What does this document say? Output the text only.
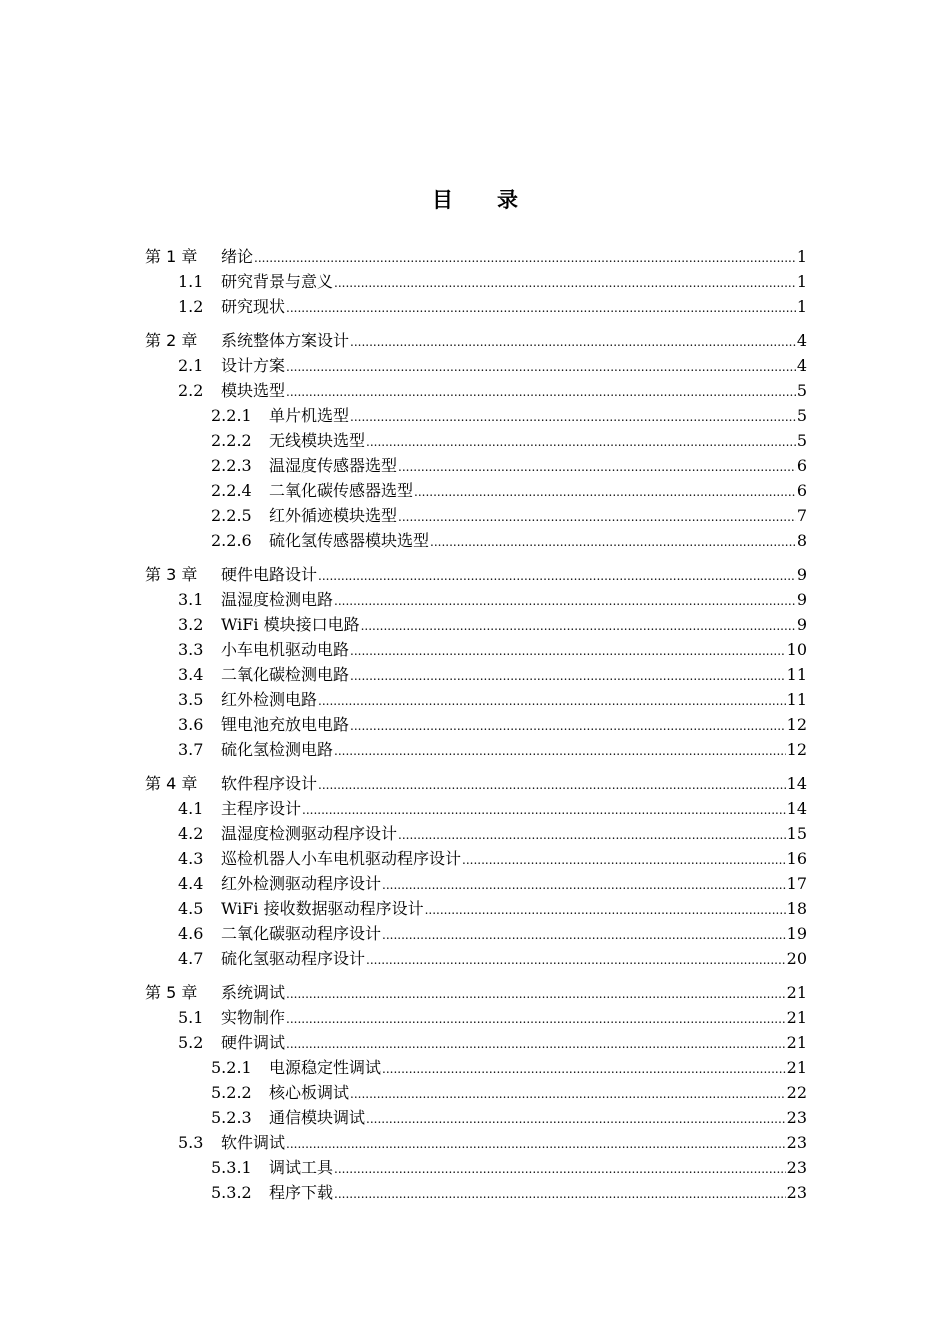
目 录
第 1 章	绪论 .....	1
1.1	研究背景与意义 .....	1
1.2	研究现状 .....	1
第 2 章	系统整体方案设计 .....	4
2.1	设计方案 .....	4
2.2	模块选型 .....	5
2.2.1	单片机选型 .....	5
2.2.2	无线模块选型 .....	5
2.2.3	温湿度传感器选型 .....	6
2.2.4	二氧化碳传感器选型 .....	6
2.2.5	红外循迹模块选型 .....	7
2.2.6	硫化氢传感器模块选型 .....	8
第 3 章	硬件电路设计 .....	9
3.1	温湿度检测电路 .....	9
3.2	WiFi 模块接口电路 .....	9
3.3	小车电机驱动电路 .....	10
3.4	二氧化碳检测电路 .....	11
3.5	红外检测电路 .....	11
3.6	锂电池充放电电路 .....	12
3.7	硫化氢检测电路 .....	12
第 4 章	软件程序设计 .....	14
4.1	主程序设计 .....	14
4.2	温湿度检测驱动程序设计 .....	15
4.3	巡检机器人小车电机驱动程序设计 .....	16
4.4	红外检测驱动程序设计 .....	17
4.5	WiFi 接收数据驱动程序设计 .....	18
4.6	二氧化碳驱动程序设计 .....	19
4.7	硫化氢驱动程序设计 .....	20
第 5 章	系统调试 .....	21
5.1	实物制作 .....	21
5.2	硬件调试 .....	21
5.2.1	电源稳定性调试 .....	21
5.2.2	核心板调试 .....	22
5.2.3	通信模块调试 .....	23
5.3	软件调试 .....	23
5.3.1	调试工具 .....	23
5.3.2	程序下载 .....	23
